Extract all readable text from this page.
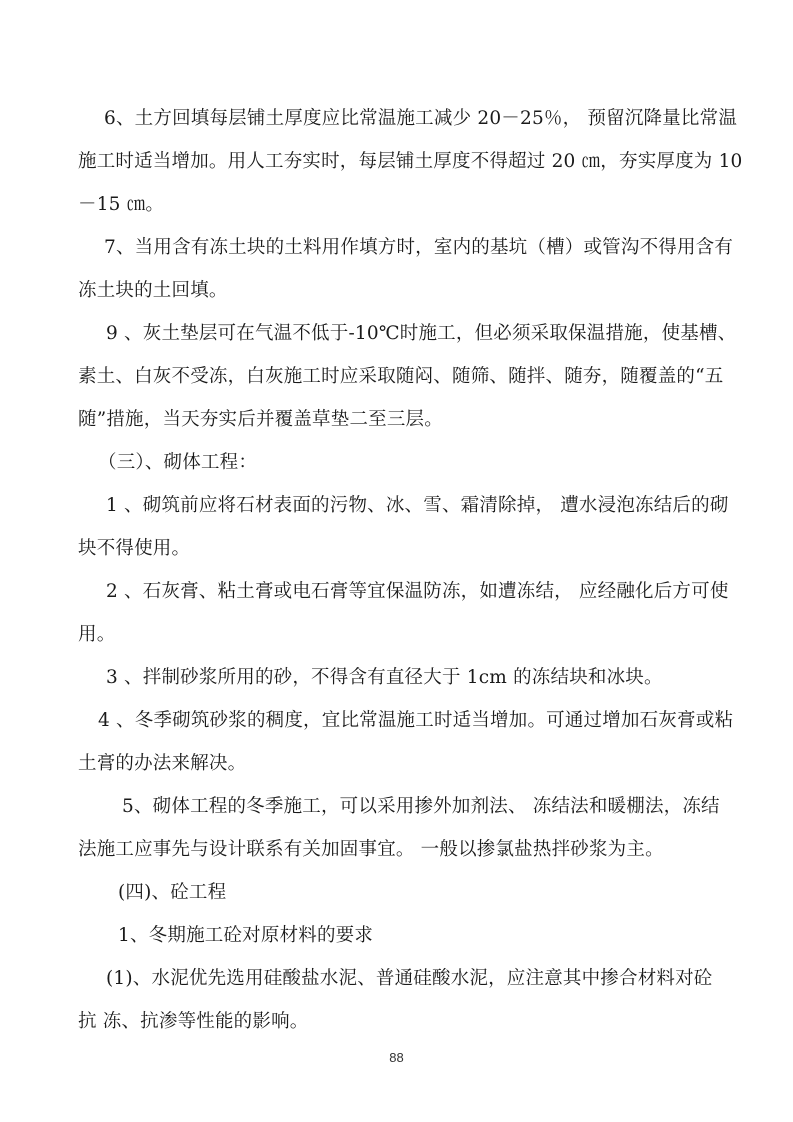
6、土方回填每层铺土厚度应比常温施工减少 20－25％， 预留沉降量比常温
施工时适当增加。用人工夯实时，每层铺土厚度不得超过 20 ㎝，夯实厚度为 10
－15 ㎝。
7、当用含有冻土块的土料用作填方时，室内的基坑（槽）或管沟不得用含有
冻土块的土回填。
9 、灰土垫层可在气温不低于-10℃时施工，但必须采取保温措施，使基槽、
素土、白灰不受冻，白灰施工时应采取随闷、随筛、随拌、随夯，随覆盖的“五
随”措施，当天夯实后并覆盖草垫二至三层。
（三）、砌体工程：
1 、砌筑前应将石材表面的污物、冰、雪、霜清除掉， 遭水浸泡冻结后的砌
块不得使用。
2 、石灰膏、粘土膏或电石膏等宜保温防冻，如遭冻结， 应经融化后方可使
用。
3 、拌制砂浆所用的砂，不得含有直径大于 1cm 的冻结块和冰块。
4 、冬季砌筑砂浆的稠度，宜比常温施工时适当增加。可通过增加石灰膏或粘
土膏的办法来解决。
5、砌体工程的冬季施工，可以采用掺外加剂法、 冻结法和暖棚法，冻结
法施工应事先与设计联系有关加固事宜。 一般以掺氯盐热拌砂浆为主。
(四)、砼工程
1、冬期施工砼对原材料的要求
(1)、水泥优先选用硅酸盐水泥、普通硅酸水泥，应注意其中掺合材料对砼
抗 冻、抗渗等性能的影响。
88
